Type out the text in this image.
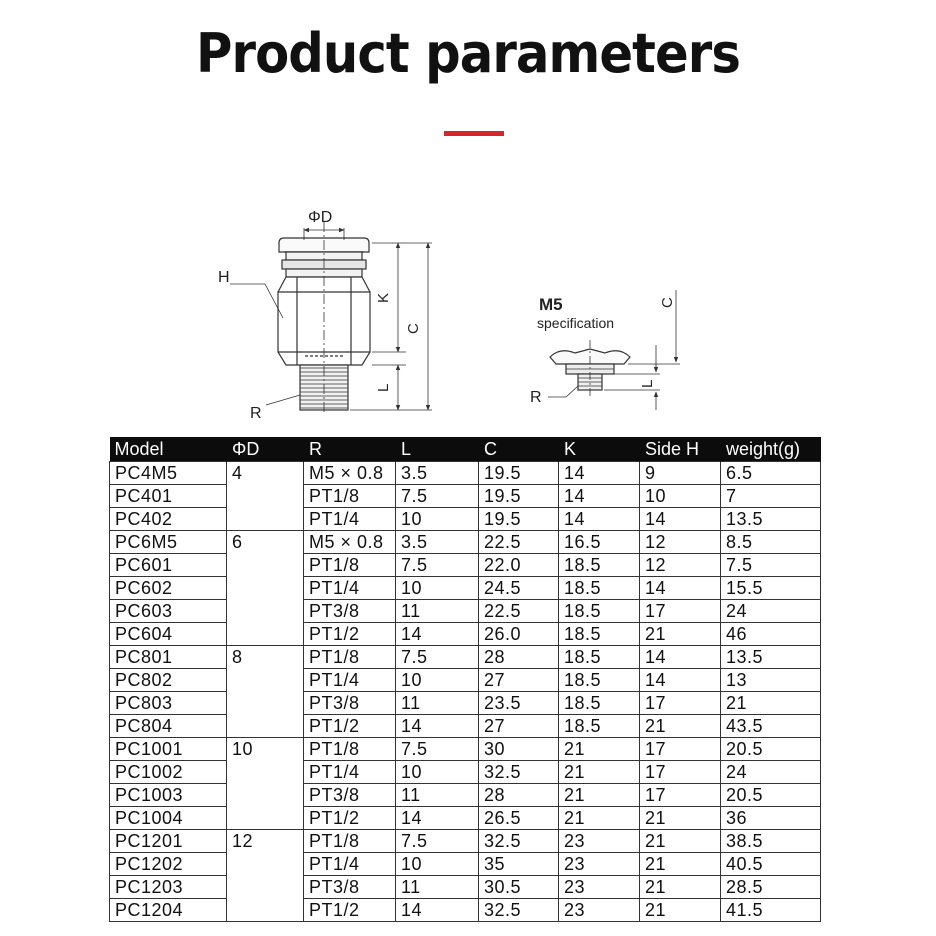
Product parameters
ΦD
H
K
C
L
R
M5
specification
C
L
R
Model	ΦD	R	L	C	K	Side H	weight(g)
PC4M5	4	M5 × 0.8	3.5	19.5	14	9	6.5
PC401		PT1/8	7.5	19.5	14	10	7
PC402		PT1/4	10	19.5	14	14	13.5
PC6M5	6	M5 × 0.8	3.5	22.5	16.5	12	8.5
PC601		PT1/8	7.5	22.0	18.5	12	7.5
PC602		PT1/4	10	24.5	18.5	14	15.5
PC603		PT3/8	11	22.5	18.5	17	24
PC604		PT1/2	14	26.0	18.5	21	46
PC801	8	PT1/8	7.5	28	18.5	14	13.5
PC802		PT1/4	10	27	18.5	14	13
PC803		PT3/8	11	23.5	18.5	17	21
PC804		PT1/2	14	27	18.5	21	43.5
PC1001	10	PT1/8	7.5	30	21	17	20.5
PC1002		PT1/4	10	32.5	21	17	24
PC1003		PT3/8	11	28	21	17	20.5
PC1004		PT1/2	14	26.5	21	21	36
PC1201	12	PT1/8	7.5	32.5	23	21	38.5
PC1202		PT1/4	10	35	23	21	40.5
PC1203		PT3/8	11	30.5	23	21	28.5
PC1204		PT1/2	14	32.5	23	21	41.5
